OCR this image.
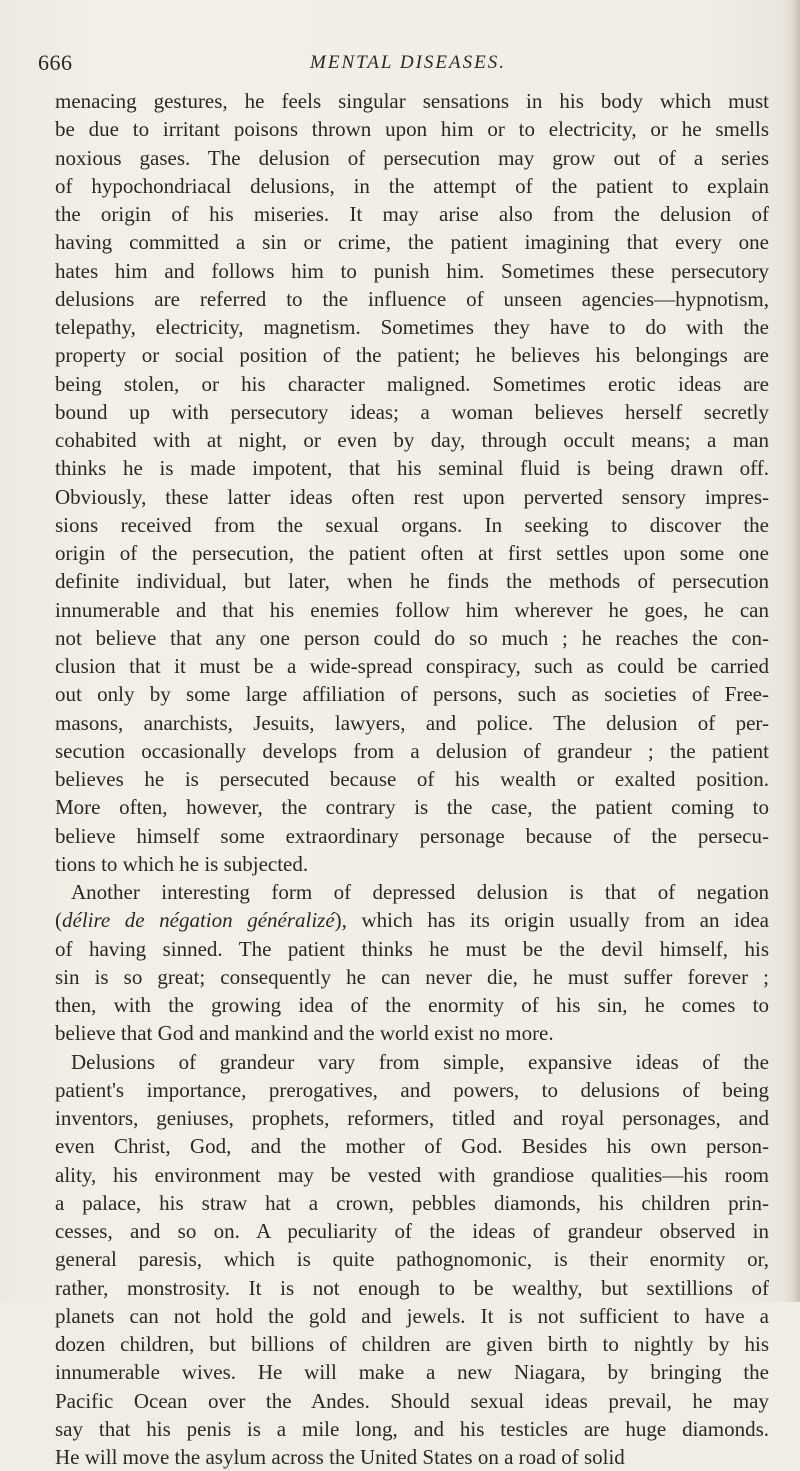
666	MENTAL DISEASES.
menacing gestures, he feels singular sensations in his body which must
be due to irritant poisons thrown upon him or to electricity, or he smells
noxious gases. The delusion of persecution may grow out of a series
of hypochondriacal delusions, in the attempt of the patient to explain
the origin of his miseries. It may arise also from the delusion of
having committed a sin or crime, the patient imagining that every one
hates him and follows him to punish him. Sometimes these persecutory
delusions are referred to the influence of unseen agencies—hypnotism,
telepathy, electricity, magnetism. Sometimes they have to do with the
property or social position of the patient; he believes his belongings are
being stolen, or his character maligned. Sometimes erotic ideas are
bound up with persecutory ideas; a woman believes herself secretly
cohabited with at night, or even by day, through occult means; a man
thinks he is made impotent, that his seminal fluid is being drawn off.
Obviously, these latter ideas often rest upon perverted sensory impres-
sions received from the sexual organs. In seeking to discover the
origin of the persecution, the patient often at first settles upon some one
definite individual, but later, when he finds the methods of persecution
innumerable and that his enemies follow him wherever he goes, he can
not believe that any one person could do so much ; he reaches the con-
clusion that it must be a wide-spread conspiracy, such as could be carried
out only by some large affiliation of persons, such as societies of Free-
masons, anarchists, Jesuits, lawyers, and police. The delusion of per-
secution occasionally develops from a delusion of grandeur ; the patient
believes he is persecuted because of his wealth or exalted position.
More often, however, the contrary is the case, the patient coming to
believe himself some extraordinary personage because of the persecu-
tions to which he is subjected.
Another interesting form of depressed delusion is that of negation
(délire de négation généralizé), which has its origin usually from an idea
of having sinned. The patient thinks he must be the devil himself, his
sin is so great; consequently he can never die, he must suffer forever ;
then, with the growing idea of the enormity of his sin, he comes to
believe that God and mankind and the world exist no more.
Delusions of grandeur vary from simple, expansive ideas of the
patient's importance, prerogatives, and powers, to delusions of being
inventors, geniuses, prophets, reformers, titled and royal personages, and
even Christ, God, and the mother of God. Besides his own person-
ality, his environment may be vested with grandiose qualities—his room
a palace, his straw hat a crown, pebbles diamonds, his children prin-
cesses, and so on. A peculiarity of the ideas of grandeur observed in
general paresis, which is quite pathognomonic, is their enormity or,
rather, monstrosity. It is not enough to be wealthy, but sextillions of
planets can not hold the gold and jewels. It is not sufficient to have a
dozen children, but billions of children are given birth to nightly by his
innumerable wives. He will make a new Niagara, by bringing the
Pacific Ocean over the Andes. Should sexual ideas prevail, he may
say that his penis is a mile long, and his testicles are huge diamonds.
He will move the asylum across the United States on a road of solid
